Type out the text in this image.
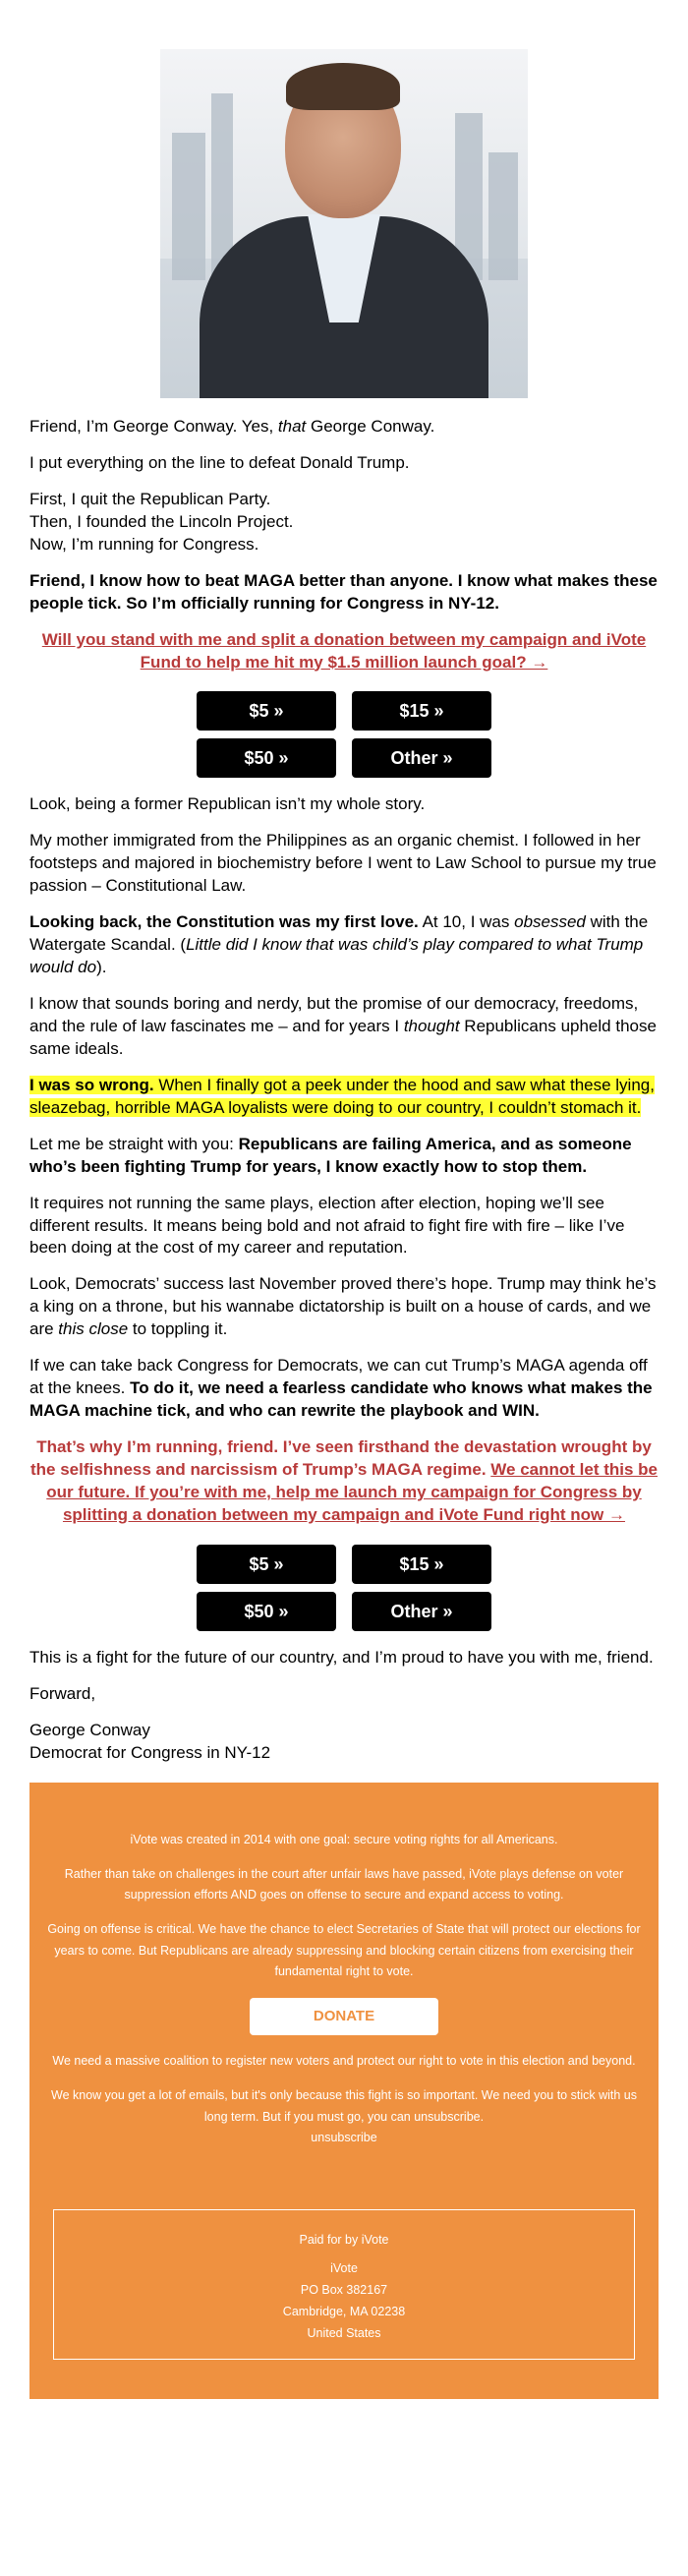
Friend, I’m George Conway. Yes, that George Conway.

I put everything on the line to defeat Donald Trump.

First, I quit the Republican Party.
Then, I founded the Lincoln Project.
Now, I’m running for Congress.

Friend, I know how to beat MAGA better than anyone. I know what makes these people tick. So I’m officially running for Congress in NY-12.

Will you stand with me and split a donation between my campaign and iVote Fund to help me hit my $1.5 million launch goal? →

$5 »	$15 »
$50 »	Other »

Look, being a former Republican isn’t my whole story.

My mother immigrated from the Philippines as an organic chemist. I followed in her footsteps and majored in biochemistry before I went to Law School to pursue my true passion – Constitutional Law.

Looking back, the Constitution was my first love. At 10, I was obsessed with the Watergate Scandal. (Little did I know that was child’s play compared to what Trump would do).

I know that sounds boring and nerdy, but the promise of our democracy, freedoms, and the rule of law fascinates me – and for years I thought Republicans upheld those same ideals.

I was so wrong. When I finally got a peek under the hood and saw what these lying, sleazebag, horrible MAGA loyalists were doing to our country, I couldn’t stomach it.

Let me be straight with you: Republicans are failing America, and as someone who’s been fighting Trump for years, I know exactly how to stop them.

It requires not running the same plays, election after election, hoping we’ll see different results. It means being bold and not afraid to fight fire with fire – like I’ve been doing at the cost of my career and reputation.

Look, Democrats’ success last November proved there’s hope. Trump may think he’s a king on a throne, but his wannabe dictatorship is built on a house of cards, and we are this close to toppling it.

If we can take back Congress for Democrats, we can cut Trump’s MAGA agenda off at the knees. To do it, we need a fearless candidate who knows what makes the MAGA machine tick, and who can rewrite the playbook and WIN.

That’s why I’m running, friend. I’ve seen firsthand the devastation wrought by the selfishness and narcissism of Trump’s MAGA regime. We cannot let this be our future. If you’re with me, help me launch my campaign for Congress by splitting a donation between my campaign and iVote Fund right now →

$5 »	$15 »
$50 »	Other »

This is a fight for the future of our country, and I’m proud to have you with me, friend.

Forward,

George Conway

Democrat for Congress in NY-12

iVote was created in 2014 with one goal: secure voting rights for all Americans.

Rather than take on challenges in the court after unfair laws have passed, iVote plays defense on voter suppression efforts AND goes on offense to secure and expand access to voting.

Going on offense is critical. We have the chance to elect Secretaries of State that will protect our elections for years to come. But Republicans are already suppressing and blocking certain citizens from exercising their fundamental right to vote.

DONATE

We need a massive coalition to register new voters and protect our right to vote in this election and beyond.

We know you get a lot of emails, but it's only because this fight is so important. We need you to stick with us long term. But if you must go, you can unsubscribe.
unsubscribe

Paid for by iVote

iVote
PO Box 382167
Cambridge, MA 02238
United States
